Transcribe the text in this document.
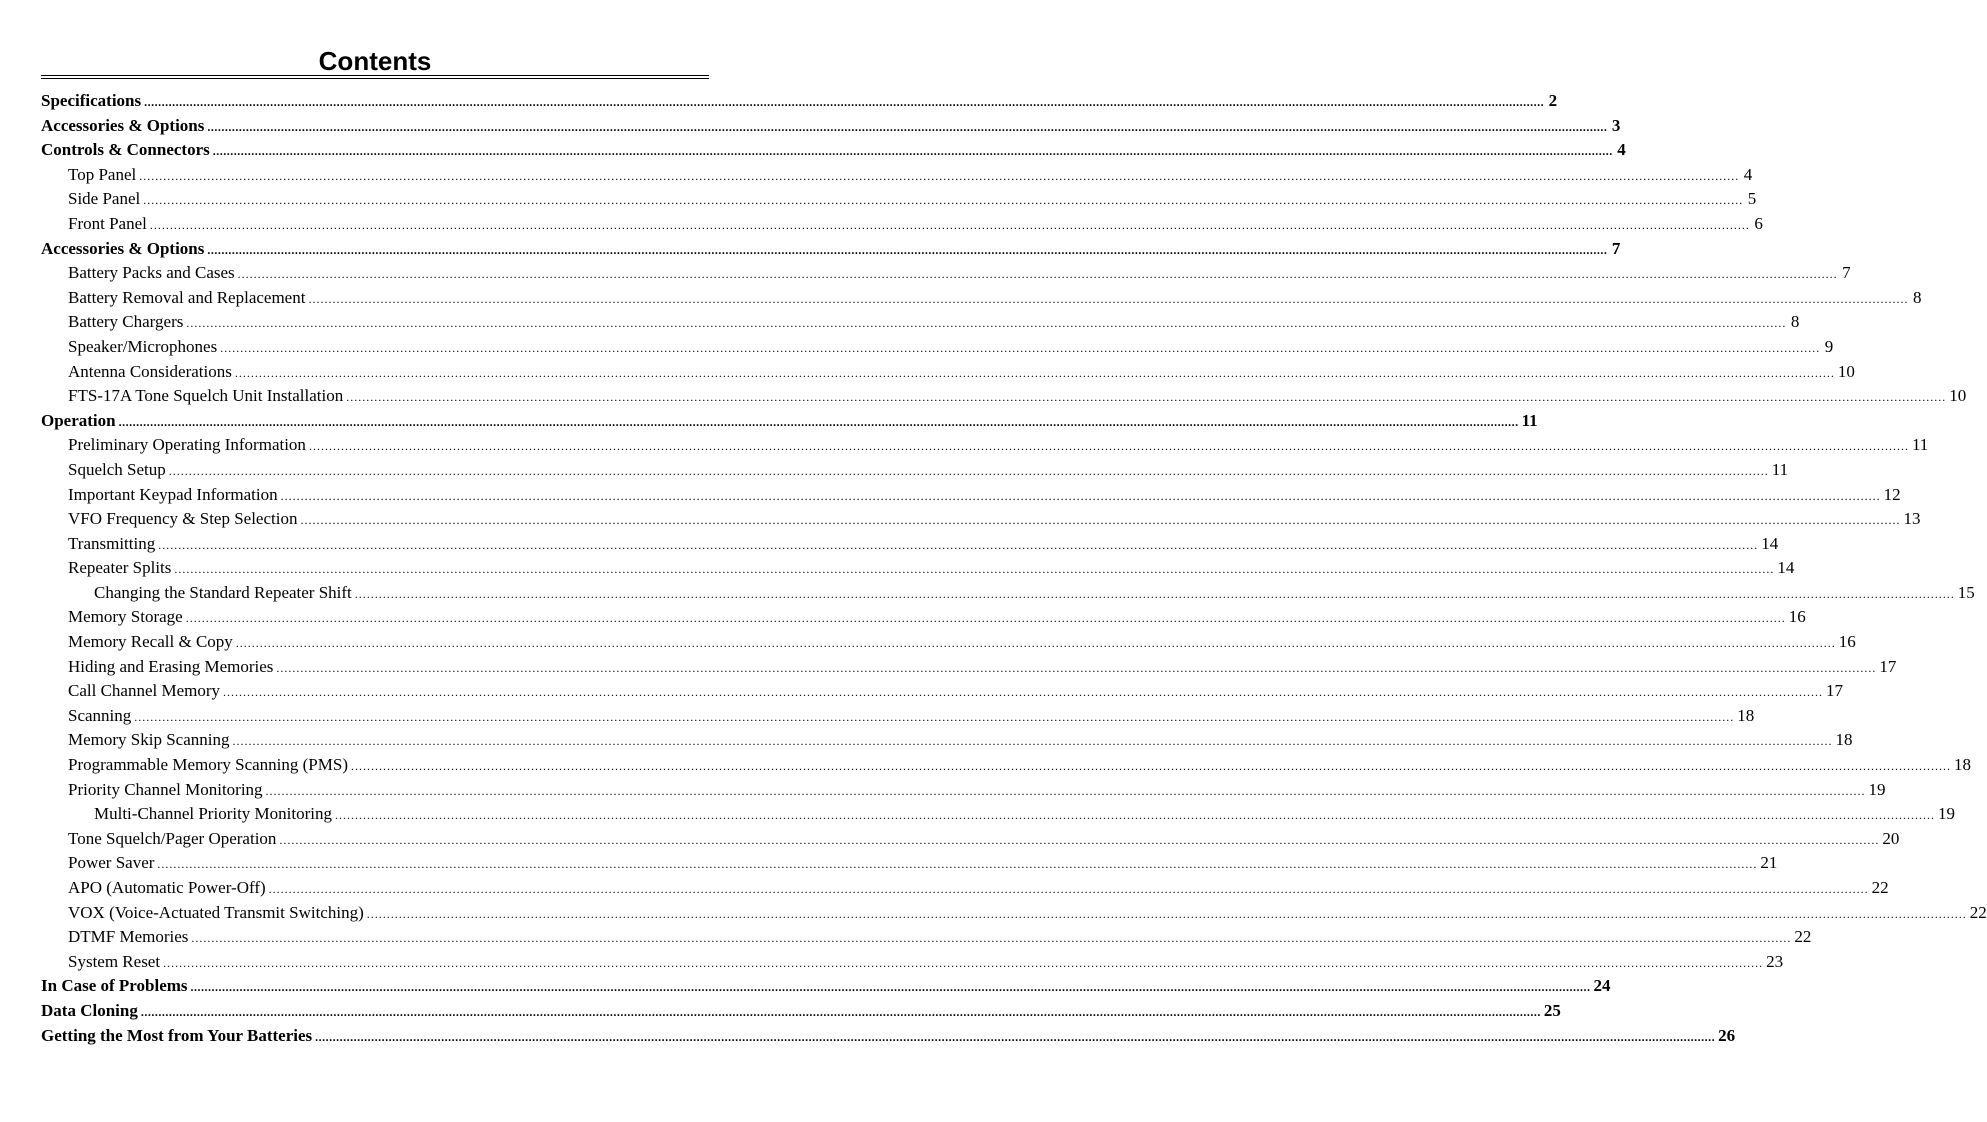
Contents
Specifications ................................................................................................................................................................................................................................................................................................................................................................................................................ 2
Accessories & Options ................................................................................................................................................................................................................................................................................................................................................................................................................ 3
Controls & Connectors ................................................................................................................................................................................................................................................................................................................................................................................................................ 4
Top Panel ................................................................................................................................................................................................................................................................................................................................................................................................................ 4
Side Panel ................................................................................................................................................................................................................................................................................................................................................................................................................ 5
Front Panel ................................................................................................................................................................................................................................................................................................................................................................................................................ 6
Accessories & Options ................................................................................................................................................................................................................................................................................................................................................................................................................ 7
Battery Packs and Cases ................................................................................................................................................................................................................................................................................................................................................................................................................ 7
Battery Removal and Replacement ................................................................................................................................................................................................................................................................................................................................................................................................................ 8
Battery Chargers ................................................................................................................................................................................................................................................................................................................................................................................................................ 8
Speaker/Microphones ................................................................................................................................................................................................................................................................................................................................................................................................................ 9
Antenna Considerations ................................................................................................................................................................................................................................................................................................................................................................................................................ 10
FTS-17A Tone Squelch Unit Installation ................................................................................................................................................................................................................................................................................................................................................................................................................ 10
Operation ................................................................................................................................................................................................................................................................................................................................................................................................................ 11
Preliminary Operating Information ................................................................................................................................................................................................................................................................................................................................................................................................................ 11
Squelch Setup ................................................................................................................................................................................................................................................................................................................................................................................................................ 11
Important Keypad Information ................................................................................................................................................................................................................................................................................................................................................................................................................ 12
VFO Frequency & Step Selection ................................................................................................................................................................................................................................................................................................................................................................................................................ 13
Transmitting ................................................................................................................................................................................................................................................................................................................................................................................................................ 14
Repeater Splits ................................................................................................................................................................................................................................................................................................................................................................................................................ 14
Changing the Standard Repeater Shift ................................................................................................................................................................................................................................................................................................................................................................................................................ 15
Memory Storage ................................................................................................................................................................................................................................................................................................................................................................................................................ 16
Memory Recall & Copy ................................................................................................................................................................................................................................................................................................................................................................................................................ 16
Hiding and Erasing Memories ................................................................................................................................................................................................................................................................................................................................................................................................................ 17
Call Channel Memory ................................................................................................................................................................................................................................................................................................................................................................................................................ 17
Scanning ................................................................................................................................................................................................................................................................................................................................................................................................................ 18
Memory Skip Scanning ................................................................................................................................................................................................................................................................................................................................................................................................................ 18
Programmable Memory Scanning (PMS) ................................................................................................................................................................................................................................................................................................................................................................................................................ 18
Priority Channel Monitoring ................................................................................................................................................................................................................................................................................................................................................................................................................ 19
Multi-Channel Priority Monitoring ................................................................................................................................................................................................................................................................................................................................................................................................................ 19
Tone Squelch/Pager Operation ................................................................................................................................................................................................................................................................................................................................................................................................................ 20
Power Saver ................................................................................................................................................................................................................................................................................................................................................................................................................ 21
APO (Automatic Power-Off) ................................................................................................................................................................................................................................................................................................................................................................................................................ 22
VOX (Voice-Actuated Transmit Switching) ................................................................................................................................................................................................................................................................................................................................................................................................................ 22
DTMF Memories ................................................................................................................................................................................................................................................................................................................................................................................................................ 22
System Reset ................................................................................................................................................................................................................................................................................................................................................................................................................ 23
In Case of Problems ................................................................................................................................................................................................................................................................................................................................................................................................................ 24
Data Cloning ................................................................................................................................................................................................................................................................................................................................................................................................................ 25
Getting the Most from Your Batteries ................................................................................................................................................................................................................................................................................................................................................................................................................ 26
